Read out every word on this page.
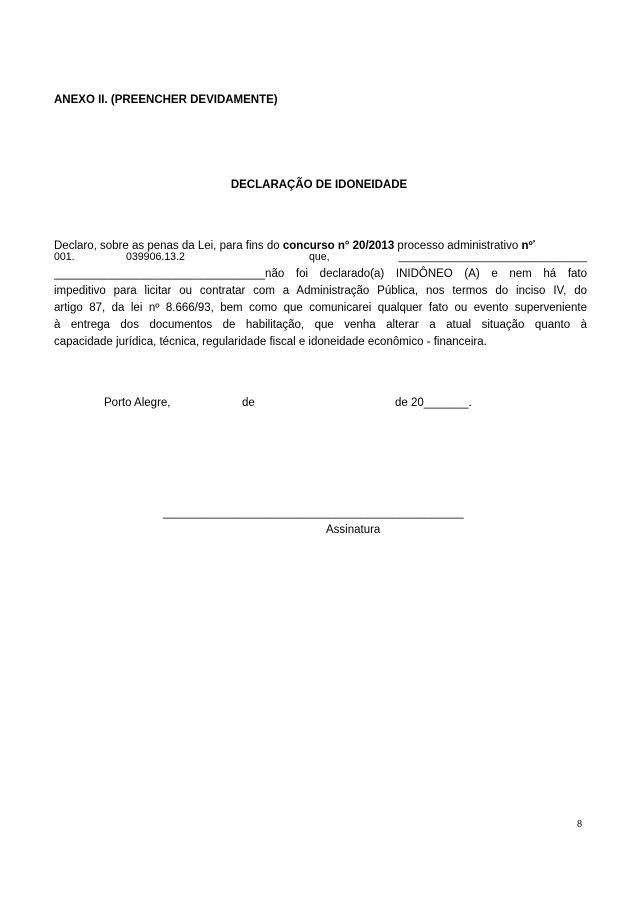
ANEXO II. (PREENCHER DEVIDAMENTE)
DECLARAÇÃO DE IDONEIDADE
Declaro, sobre as penas da Lei, para fins do concurso n° 20/2013 processo administrativo nº$^º$
001.	039906.13.2	que,	________________________________
_________________________________não foi declarado(a) INIDÔNEO (A) e nem há fato
impeditivo para licitar ou contratar com a Administração Pública, nos termos do inciso IV, do
artigo 87, da lei nº 8.666/93, bem como que comunicarei qualquer fato ou evento superveniente
à entrega dos documentos de habilitação, que venha alterar a atual situação quanto à
capacidade jurídica, técnica, regularidade fiscal e idoneidade econômico - financeira.
Porto Alegre,	de	de 20_______.
_______________________________________________
Assinatura
8
